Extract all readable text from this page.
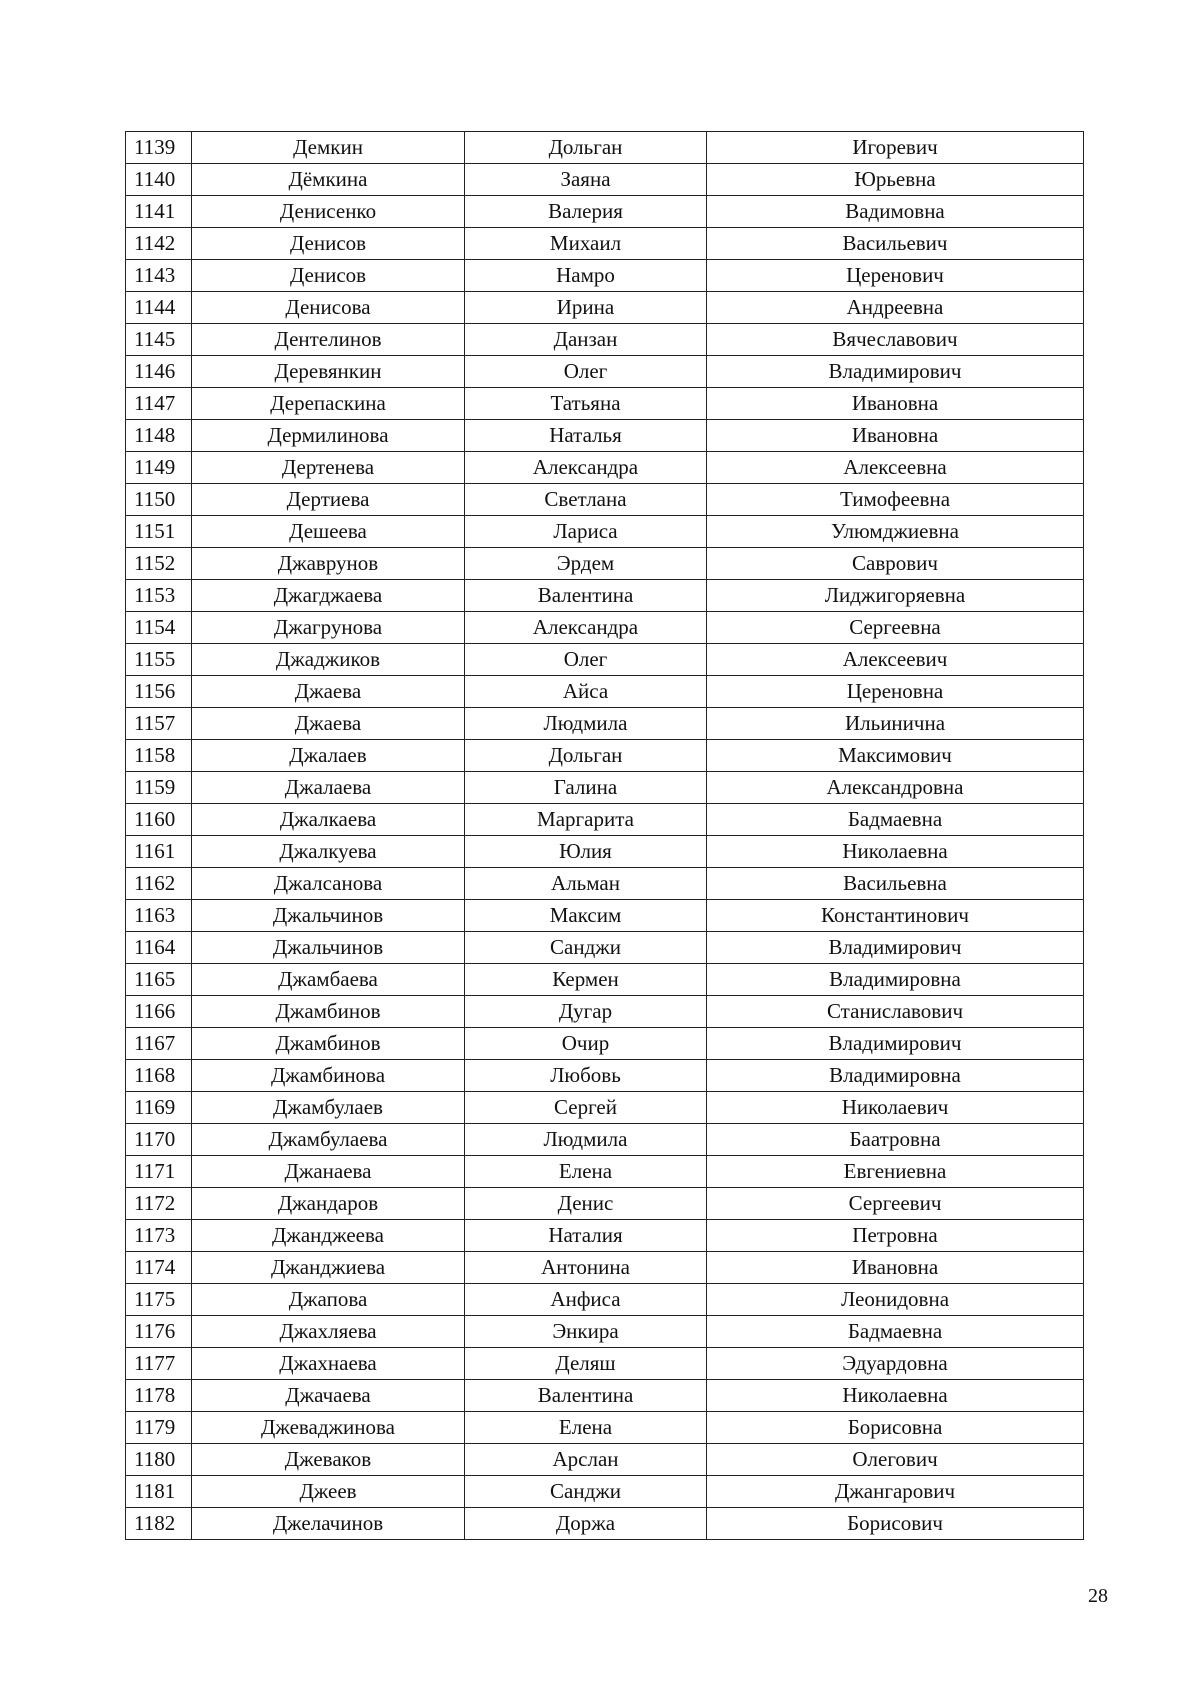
1139	Демкин	Дольган	Игоревич
1140	Дёмкина	Заяна	Юрьевна
1141	Денисенко	Валерия	Вадимовна
1142	Денисов	Михаил	Васильевич
1143	Денисов	Намро	Церенович
1144	Денисова	Ирина	Андреевна
1145	Дентелинов	Данзан	Вячеславович
1146	Деревянкин	Олег	Владимирович
1147	Дерепаскина	Татьяна	Ивановна
1148	Дермилинова	Наталья	Ивановна
1149	Дертенева	Александра	Алексеевна
1150	Дертиева	Светлана	Тимофеевна
1151	Дешеева	Лариса	Улюмджиевна
1152	Джаврунов	Эрдем	Саврович
1153	Джагджаева	Валентина	Лиджигоряевна
1154	Джагрунова	Александра	Сергеевна
1155	Джаджиков	Олег	Алексеевич
1156	Джаева	Айса	Цереновна
1157	Джаева	Людмила	Ильинична
1158	Джалаев	Дольган	Максимович
1159	Джалаева	Галина	Александровна
1160	Джалкаева	Маргарита	Бадмаевна
1161	Джалкуева	Юлия	Николаевна
1162	Джалсанова	Альман	Васильевна
1163	Джальчинов	Максим	Константинович
1164	Джальчинов	Санджи	Владимирович
1165	Джамбаева	Кермен	Владимировна
1166	Джамбинов	Дугар	Станиславович
1167	Джамбинов	Очир	Владимирович
1168	Джамбинова	Любовь	Владимировна
1169	Джамбулаев	Сергей	Николаевич
1170	Джамбулаева	Людмила	Баатровна
1171	Джанаева	Елена	Евгениевна
1172	Джандаров	Денис	Сергеевич
1173	Джанджеева	Наталия	Петровна
1174	Джанджиева	Антонина	Ивановна
1175	Джапова	Анфиса	Леонидовна
1176	Джахляева	Энкира	Бадмаевна
1177	Джахнаева	Деляш	Эдуардовна
1178	Джачаева	Валентина	Николаевна
1179	Джеваджинова	Елена	Борисовна
1180	Джеваков	Арслан	Олегович
1181	Джеев	Санджи	Джангарович
1182	Джелачинов	Доржа	Борисович
28
